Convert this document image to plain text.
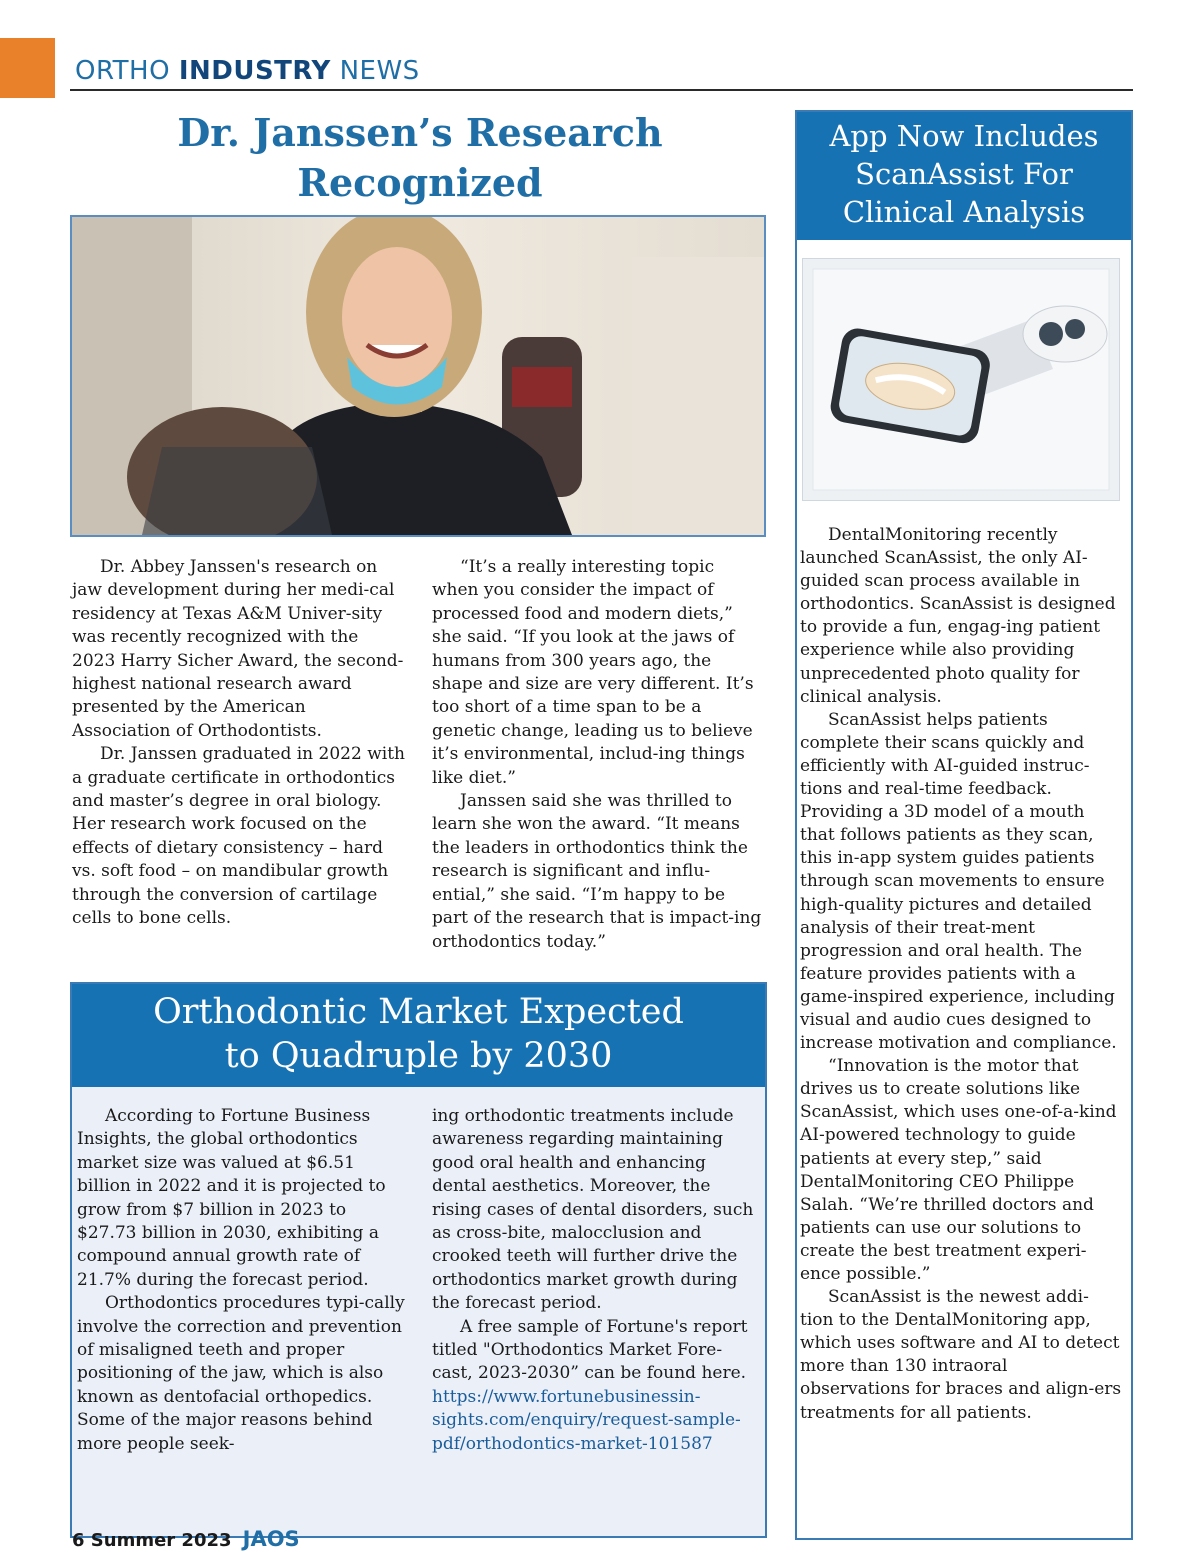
ORTHO INDUSTRY NEWS
Dr. Janssen’s Research Recognized

Dr. Abbey Janssen's research on jaw development during her medi-cal residency at Texas A&M Univer-sity was recently recognized with the 2023 Harry Sicher Award, the second-highest national research award presented by the American Association of Orthodontists.

Dr. Janssen graduated in 2022 with a graduate certificate in orthodontics and master’s degree in oral biology. Her research work focused on the effects of dietary consistency – hard vs. soft food – on mandibular growth through the conversion of cartilage cells to bone cells.

“It’s a really interesting topic when you consider the impact of processed food and modern diets,” she said. “If you look at the jaws of humans from 300 years ago, the shape and size are very different. It’s too short of a time span to be a genetic change, leading us to believe it’s environmental, includ-ing things like diet.”

Janssen said she was thrilled to learn she won the award. “It means the leaders in orthodontics think the research is significant and influ-ential,” she said. “I’m happy to be part of the research that is impact-ing orthodontics today.”

Orthodontic Market Expected
to Quadruple by 2030

According to Fortune Business Insights, the global orthodontics market size was valued at $6.51 billion in 2022 and it is projected to grow from $7 billion in 2023 to $27.73 billion in 2030, exhibiting a compound annual growth rate of 21.7% during the forecast period.

Orthodontics procedures typi-cally involve the correction and prevention of misaligned teeth and proper positioning of the jaw, which is also known as dentofacial orthopedics. Some of the major reasons behind more people seek-

ing orthodontic treatments include awareness regarding maintaining good oral health and enhancing dental aesthetics. Moreover, the rising cases of dental disorders, such as cross-bite, malocclusion and crooked teeth will further drive the orthodontics market growth during the forecast period.

A free sample of Fortune's report titled "Orthodontics Market Fore-cast, 2023-2030” can be found here.

https://www.fortunebusinessin-sights.com/enquiry/request-sample-pdf/orthodontics-market-101587
App Now Includes
ScanAssist For
Clinical Analysis

DentalMonitoring recently launched ScanAssist, the only AI-guided scan process available in orthodontics. ScanAssist is designed to provide a fun, engag-ing patient experience while also providing unprecedented photo quality for clinical analysis.

ScanAssist helps patients complete their scans quickly and efficiently with AI-guided instruc-tions and real-time feedback. Providing a 3D model of a mouth that follows patients as they scan, this in-app system guides patients through scan movements to ensure high-quality pictures and detailed analysis of their treat-ment progression and oral health. The feature provides patients with a game-inspired experience, including visual and audio cues designed to increase motivation and compliance.

“Innovation is the motor that drives us to create solutions like ScanAssist, which uses one-of-a-kind AI-powered technology to guide patients at every step,” said DentalMonitoring CEO Philippe Salah. “We’re thrilled doctors and patients can use our solutions to create the best treatment experi-ence possible.”

ScanAssist is the newest addi-tion to the DentalMonitoring app, which uses software and AI to detect more than 130 intraoral observations for braces and align-ers treatments for all patients.

6 Summer 2023 JAOS
